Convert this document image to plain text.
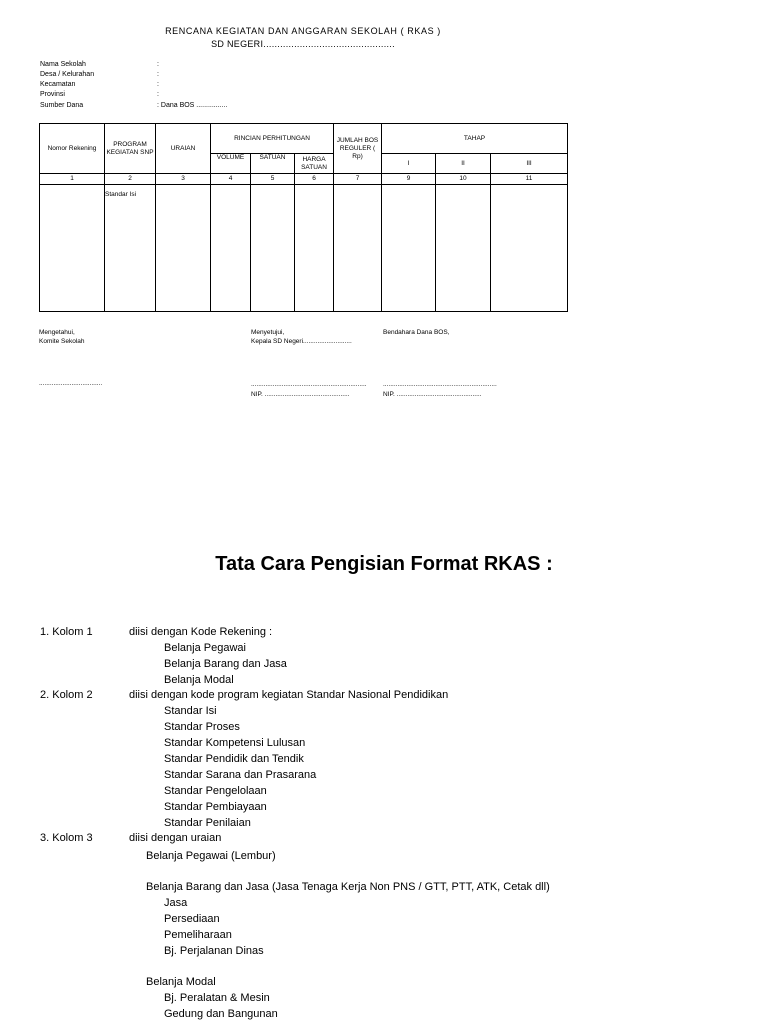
RENCANA KEGIATAN DAN ANGGARAN SEKOLAH ( RKAS )
SD NEGERI...............................................
Nama Sekolah	:
Desa / Kelurahan	:
Kecamatan	:
Provinsi	:
Sumber Dana	: Dana BOS ................
Nomor Rekening	PROGRAM KEGIATAN SNP	URAIAN	RINCIAN PERHITUNGAN			JUMLAH BOS REGULER ( Rp)	TAHAP		
			VOLUME	SATUAN	HARGA SATUAN		I	II	III
1	2	3	4	5	6	7	9	10	11
	Standar Isi								
Mengetahui,
Komite Sekolah
Menyetujui,
Kepala SD Negeri...........................
Bendahara Dana BOS,
...................................	................................................................
NIP. ...............................................
...............................................................
NIP. ...............................................
Tata Cara Pengisian Format RKAS :
1. Kolom 1	diisi dengan Kode Rekening :
Belanja Pegawai
Belanja Barang dan Jasa
Belanja Modal
2. Kolom 2	diisi dengan kode program kegiatan Standar Nasional Pendidikan
Standar Isi
Standar Proses
Standar Kompetensi Lulusan
Standar Pendidik dan Tendik
Standar Sarana dan Prasarana
Standar Pengelolaan
Standar Pembiayaan
Standar Penilaian
3. Kolom 3	diisi dengan uraian
Belanja Pegawai (Lembur)
Belanja Barang dan Jasa (Jasa Tenaga Kerja Non PNS / GTT, PTT, ATK, Cetak dll)
Jasa
Persediaan
Pemeliharaan
Bj. Perjalanan Dinas
Belanja Modal
Bj. Peralatan & Mesin
Gedung dan Bangunan
